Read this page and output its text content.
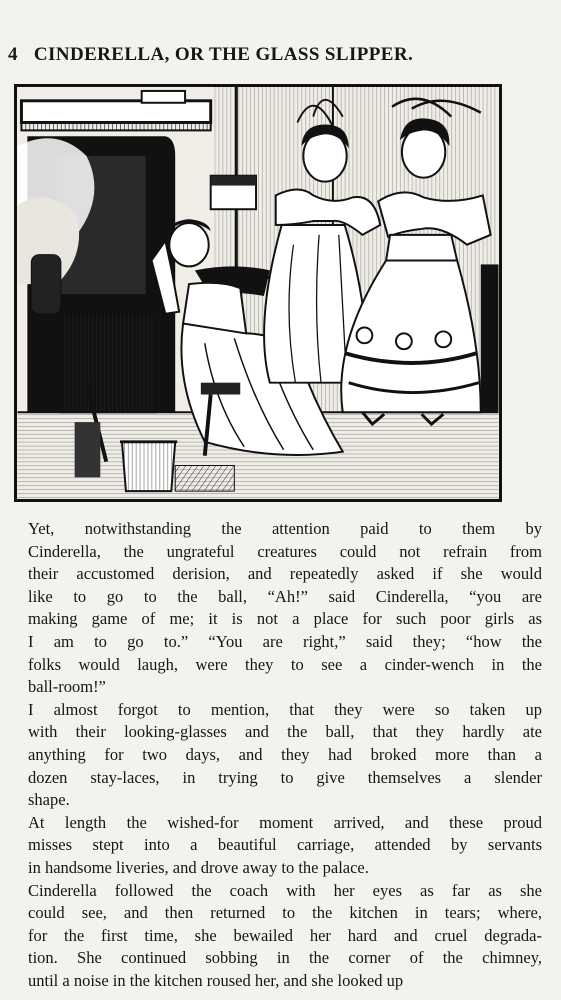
4 CINDERELLA, OR THE GLASS SLIPPER.

Yet, notwithstanding the attention paid to them by
Cinderella, the ungrateful creatures could not refrain from
their accustomed derision, and repeatedly asked if she would
like to go to the ball, “Ah!” said Cinderella, “you are
making game of me; it is not a place for such poor girls as
I am to go to.” “You are right,” said they; “how the
folks would laugh, were they to see a cinder-wench in the
ball-room!”

I almost forgot to mention, that they were so taken up
with their looking-glasses and the ball, that they hardly ate
anything for two days, and they had broked more than a
dozen stay-laces, in trying to give themselves a slender
shape.

At length the wished-for moment arrived, and these proud
misses stept into a beautiful carriage, attended by servants
in handsome liveries, and drove away to the palace.

Cinderella followed the coach with her eyes as far as she
could see, and then returned to the kitchen in tears; where,
for the first time, she bewailed her hard and cruel degrada-
tion. She continued sobbing in the corner of the chimney,
until a noise in the kitchen roused her, and she looked up
